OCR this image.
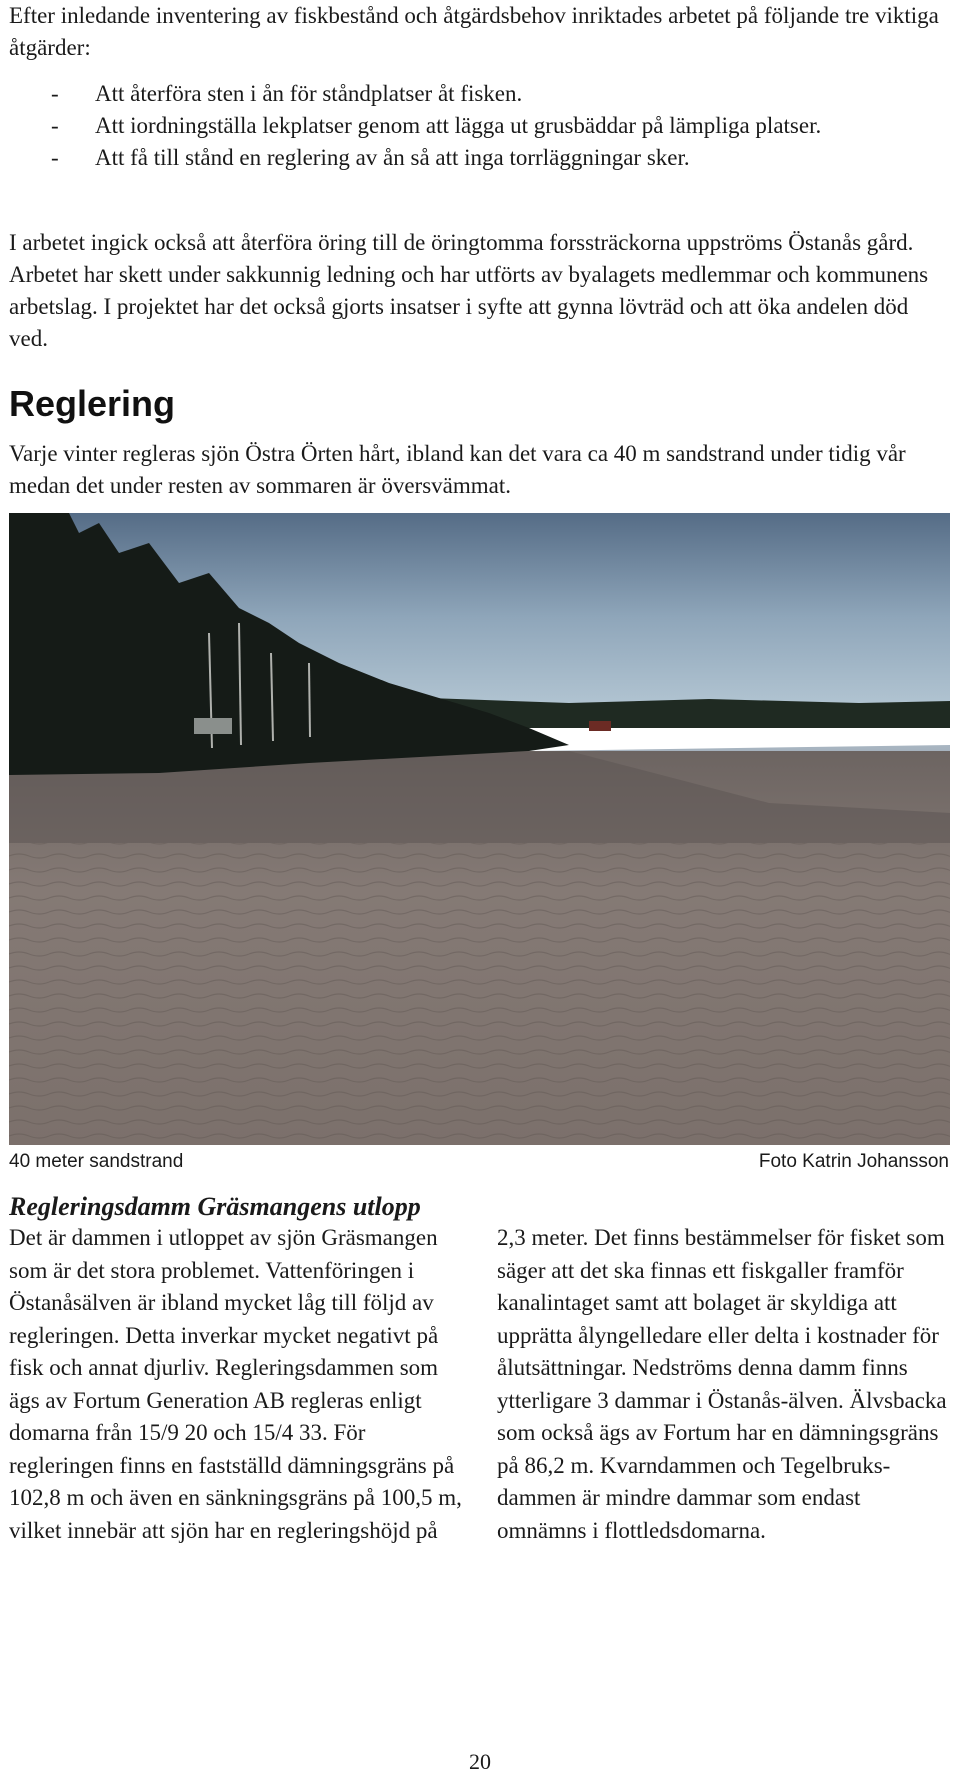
Efter inledande inventering av fiskbestånd och åtgärdsbehov inriktades arbetet på följande tre viktiga åtgärder:

- Att återföra sten i ån för ståndplatser åt fisken.
- Att iordningställa lekplatser genom att lägga ut grusbäddar på lämpliga platser.
- Att få till stånd en reglering av ån så att inga torrläggningar sker.

I arbetet ingick också att återföra öring till de öringtomma forssträckorna uppströms Östanås gård. Arbetet har skett under sakkunnig ledning och har utförts av byalagets medlemmar och kommunens arbetslag. I projektet har det också gjorts insatser i syfte att gynna lövträd och att öka andelen död ved.

Reglering

Varje vinter regleras sjön Östra Örten hårt, ibland kan det vara ca 40 m sandstrand under tidig vår medan det under resten av sommaren är översvämmat.

40 meter sandstrand	Foto Katrin Johansson

Regleringsdamm Gräsmangens utlopp

Det är dammen i utloppet av sjön Gräsmangen som är det stora problemet. Vattenföringen i Östanåsälven är ibland mycket låg till följd av regleringen. Detta inverkar mycket negativt på fisk och annat djurliv. Regleringsdammen som ägs av Fortum Generation AB regleras enligt domarna från 15/9 20 och 15/4 33. För regleringen finns en fastställd dämningsgräns på 102,8 m och även en sänkningsgräns på 100,5 m, vilket innebär att sjön har en regleringshöjd på

2,3 meter. Det finns bestämmelser för fisket som säger att det ska finnas ett fiskgaller framför kanalintaget samt att bolaget är skyldiga att upprätta ålyngelledare eller delta i kostnader för ålutsättningar. Nedströms denna damm finns ytterligare 3 dammar i Östanås-älven. Älvsbacka som också ägs av Fortum har en dämningsgräns på 86,2 m. Kvarndammen och Tegelbruks-dammen är mindre dammar som endast omnämns i flottledsdomarna.

20
